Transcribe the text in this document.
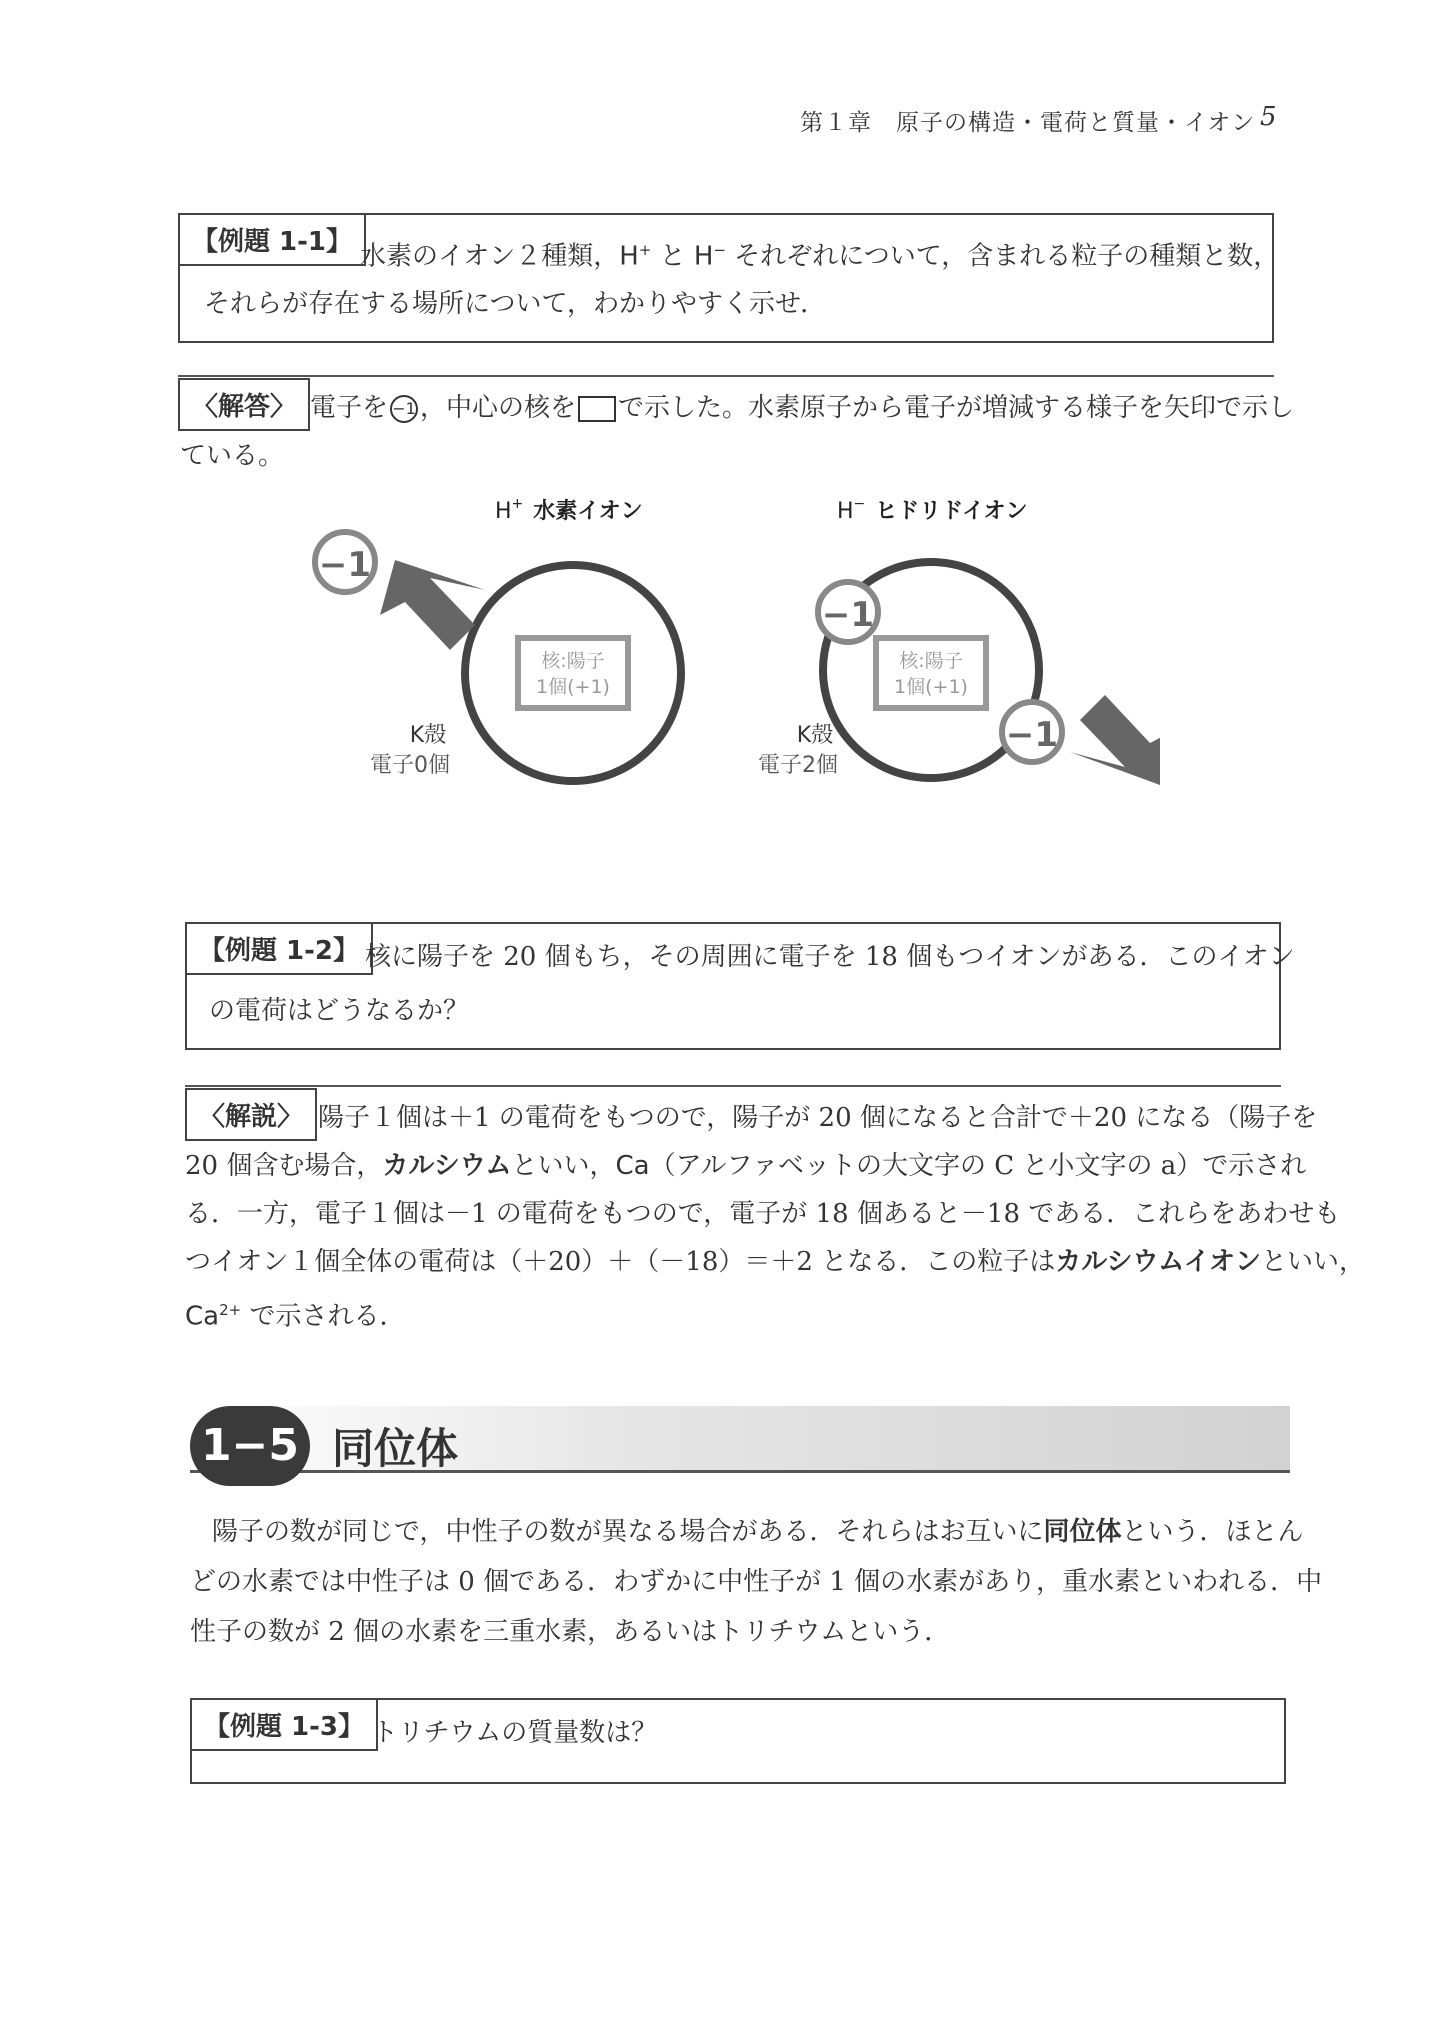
第１章　原子の構造・電荷と質量・イオン 5
【例題 1-1】 水素のイオン２種類，H+ と H− それぞれについて，含まれる粒子の種類と数，
それらが存在する場所について，わかりやすく示せ．
〈解答〉 電子を −1 ，中心の核を で示した。水素原子から電子が増減する様子を矢印で示し
ている。
H+ 水素イオン
核:陽子
1個(+1)
K殻
電子0個
−1
H− ヒドリドイオン
核:陽子
1個(+1)
K殻
電子2個
−1
−1
【例題 1-2】 核に陽子を 20 個もち，その周囲に電子を 18 個もつイオンがある．このイオン
の電荷はどうなるか？
〈解説〉 陽子１個は＋1 の電荷をもつので，陽子が 20 個になると合計で＋20 になる（陽子を
20 個含む場合，カルシウムといい，Ca（アルファベットの大文字の C と小文字の a）で示され
る．一方，電子１個は－1 の電荷をもつので，電子が 18 個あると－18 である．これらをあわせも
つイオン１個全体の電荷は（＋20）＋（－18）＝＋2 となる．この粒子はカルシウムイオンといい，
$Ca^{2+}$ で示される．
1−5 同位体
陽子の数が同じで，中性子の数が異なる場合がある．それらはお互いに同位体という．ほとん
どの水素では中性子は 0 個である．わずかに中性子が 1 個の水素があり，重水素といわれる．中
性子の数が 2 個の水素を三重水素，あるいはトリチウムという．
【例題 1-3】 トリチウムの質量数は？
